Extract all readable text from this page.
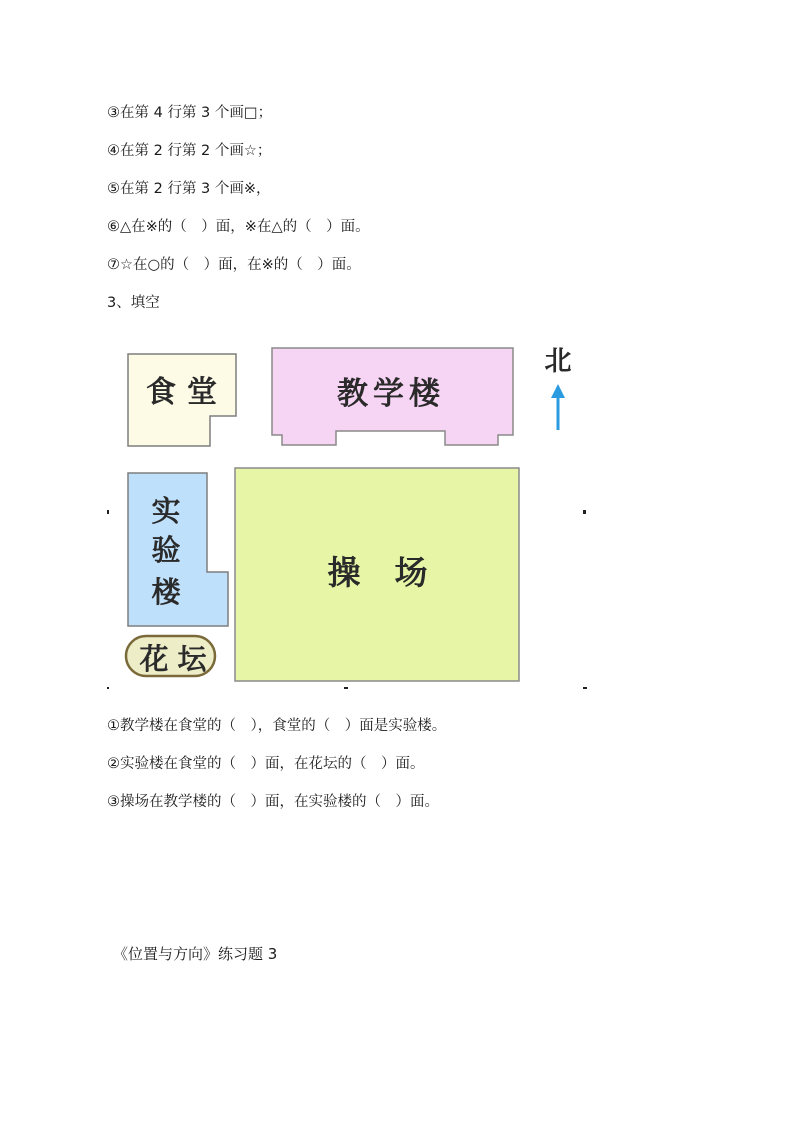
③在第 4 行第 3 个画□；
④在第 2 行第 2 个画☆；
⑤在第 2 行第 3 个画※，
⑥△在※的（　）面，※在△的（　）面。
⑦☆在○的（　）面，在※的（　）面。
3、填空
食 堂	教学楼
北
实
验
楼	操 场
花 坛
①教学楼在食堂的（　），食堂的（　）面是实验楼。
②实验楼在食堂的（　）面，在花坛的（　）面。
③操场在教学楼的（　）面，在实验楼的（　）面。
《位置与方向》练习题 3
